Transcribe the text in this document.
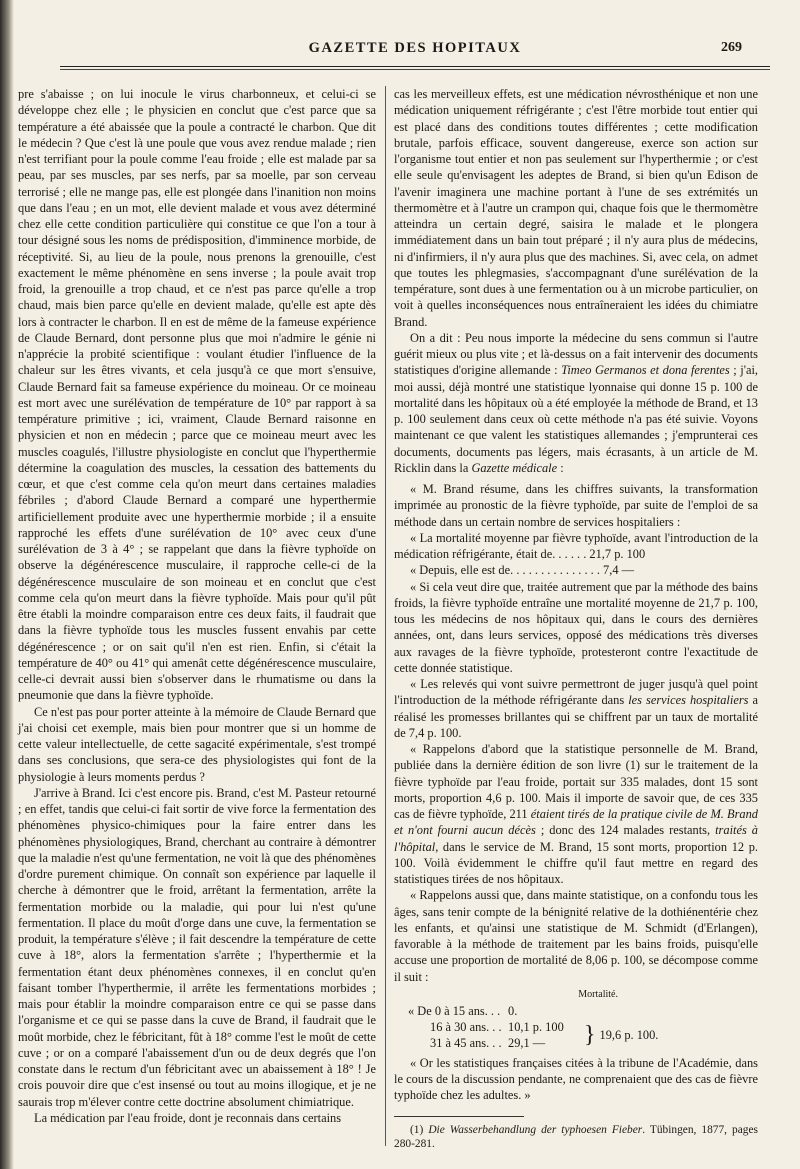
GAZETTE DES HOPITAUX	269

pre s'abaisse ; on lui inocule le virus charbonneux, et celui-ci se développe chez elle ; le physicien en conclut que c'est parce que sa température a été abaissée que la poule a contracté le charbon. Que dit le médecin ? Que c'est là une poule que vous avez rendue malade ; rien n'est terrifiant pour la poule comme l'eau froide ; elle est malade par sa peau, par ses muscles, par ses nerfs, par sa moelle, par son cerveau terrorisé ; elle ne mange pas, elle est plongée dans l'inanition non moins que dans l'eau ; en un mot, elle devient malade et vous avez déterminé chez elle cette condition particulière qui constitue ce que l'on a tour à tour désigné sous les noms de prédisposition, d'imminence morbide, de réceptivité. Si, au lieu de la poule, nous prenons la grenouille, c'est exactement le même phénomène en sens inverse ; la poule avait trop froid, la grenouille a trop chaud, et ce n'est pas parce qu'elle a trop chaud, mais bien parce qu'elle en devient malade, qu'elle est apte dès lors à contracter le charbon. Il en est de même de la fameuse expérience de Claude Bernard, dont personne plus que moi n'admire le génie ni n'apprécie la probité scientifique : voulant étudier l'influence de la chaleur sur les êtres vivants, et cela jusqu'à ce que mort s'ensuive, Claude Bernard fait sa fameuse expérience du moineau. Or ce moineau est mort avec une surélévation de température de 10° par rapport à sa température primitive ; ici, vraiment, Claude Bernard raisonne en physicien et non en médecin ; parce que ce moineau meurt avec les muscles coagulés, l'illustre physiologiste en conclut que l'hyperthermie détermine la coagulation des muscles, la cessation des battements du cœur, et que c'est comme cela qu'on meurt dans certaines maladies fébriles ; d'abord Claude Bernard a comparé une hyperthermie artificiellement produite avec une hyperthermie morbide ; il a ensuite rapproché les effets d'une surélévation de 10° avec ceux d'une surélévation de 3 à 4° ; se rappelant que dans la fièvre typhoïde on observe la dégénérescence musculaire, il rapproche celle-ci de la dégénérescence musculaire de son moineau et en conclut que c'est comme cela qu'on meurt dans la fièvre typhoïde. Mais pour qu'il pût être établi la moindre comparaison entre ces deux faits, il faudrait que dans la fièvre typhoïde tous les muscles fussent envahis par cette dégénérescence ; or on sait qu'il n'en est rien. Enfin, si c'était la température de 40° ou 41° qui amenât cette dégénérescence musculaire, celle-ci devrait aussi bien s'observer dans le rhumatisme ou dans la pneumonie que dans la fièvre typhoïde.

Ce n'est pas pour porter atteinte à la mémoire de Claude Bernard que j'ai choisi cet exemple, mais bien pour montrer que si un homme de cette valeur intellectuelle, de cette sagacité expérimentale, s'est trompé dans ses conclusions, que sera-ce des physiologistes qui font de la physiologie à leurs moments perdus ?

J'arrive à Brand. Ici c'est encore pis. Brand, c'est M. Pasteur retourné ; en effet, tandis que celui-ci fait sortir de vive force la fermentation des phénomènes physico-chimiques pour la faire entrer dans les phénomènes physiologiques, Brand, cherchant au contraire à démontrer que la maladie n'est qu'une fermentation, ne voit là que des phénomènes d'ordre purement chimique. On connaît son expérience par laquelle il cherche à démontrer que le froid, arrêtant la fermentation, arrête la fermentation morbide ou la maladie, qui pour lui n'est qu'une fermentation. Il place du moût d'orge dans une cuve, la fermentation se produit, la température s'élève ; il fait descendre la température de cette cuve à 18°, alors la fermentation s'arrête ; l'hyperthermie et la fermentation étant deux phénomènes connexes, il en conclut qu'en faisant tomber l'hyperthermie, il arrête les fermentations morbides ; mais pour établir la moindre comparaison entre ce qui se passe dans l'organisme et ce qui se passe dans la cuve de Brand, il faudrait que le moût morbide, chez le fébricitant, fût à 18° comme l'est le moût de cette cuve ; or on a comparé l'abaissement d'un ou de deux degrés que l'on constate dans le rectum d'un fébricitant avec un abaissement à 18° ! Je crois pouvoir dire que c'est insensé ou tout au moins illogique, et je ne saurais trop m'élever contre cette doctrine absolument chimiatrique.

La médication par l'eau froide, dont je reconnais dans certains

cas les merveilleux effets, est une médication névrosthénique et non une médication uniquement réfrigérante ; c'est l'être morbide tout entier qui est placé dans des conditions toutes différentes ; cette modification brutale, parfois efficace, souvent dangereuse, exerce son action sur l'organisme tout entier et non pas seulement sur l'hyperthermie ; or c'est elle seule qu'envisagent les adeptes de Brand, si bien qu'un Edison de l'avenir imaginera une machine portant à l'une de ses extrémités un thermomètre et à l'autre un crampon qui, chaque fois que le thermomètre atteindra un certain degré, saisira le malade et le plongera immédiatement dans un bain tout préparé ; il n'y aura plus de médecins, ni d'infirmiers, il n'y aura plus que des machines. Si, avec cela, on admet que toutes les phlegmasies, s'accompagnant d'une surélévation de la température, sont dues à une fermentation ou à un microbe particulier, on voit à quelles inconséquences nous entraîneraient les idées du chimiatre Brand.

On a dit : Peu nous importe la médecine du sens commun si l'autre guérit mieux ou plus vite ; et là-dessus on a fait intervenir des documents statistiques d'origine allemande : Timeo Germanos et dona ferentes ; j'ai, moi aussi, déjà montré une statistique lyonnaise qui donne 15 p. 100 de mortalité dans les hôpitaux où a été employée la méthode de Brand, et 13 p. 100 seulement dans ceux où cette méthode n'a pas été suivie. Voyons maintenant ce que valent les statistiques allemandes ; j'emprunterai ces documents, documents pas légers, mais écrasants, à un article de M. Ricklin dans la Gazette médicale :

« M. Brand résume, dans les chiffres suivants, la transformation imprimée au pronostic de la fièvre typhoïde, par suite de l'emploi de sa méthode dans un certain nombre de services hospitaliers :

« La mortalité moyenne par fièvre typhoïde, avant l'introduction de la médication réfrigérante, était de. . . . . . 21,7 p. 100

« Depuis, elle est de. . . . . . . . . . . . . . . 7,4 —

« Si cela veut dire que, traitée autrement que par la méthode des bains froids, la fièvre typhoïde entraîne une mortalité moyenne de 21,7 p. 100, tous les médecins de nos hôpitaux qui, dans le cours des dernières années, ont, dans leurs services, opposé des médications très diverses aux ravages de la fièvre typhoïde, protesteront contre l'exactitude de cette donnée statistique.

« Les relevés qui vont suivre permettront de juger jusqu'à quel point l'introduction de la méthode réfrigérante dans les services hospitaliers a réalisé les promesses brillantes qui se chiffrent par un taux de mortalité de 7,4 p. 100.

« Rappelons d'abord que la statistique personnelle de M. Brand, publiée dans la dernière édition de son livre (1) sur le traitement de la fièvre typhoïde par l'eau froide, portait sur 335 malades, dont 15 sont morts, proportion 4,6 p. 100. Mais il importe de savoir que, de ces 335 cas de fièvre typhoïde, 211 étaient tirés de la pratique civile de M. Brand et n'ont fourni aucun décès ; donc des 124 malades restants, traités à l'hôpital, dans le service de M. Brand, 15 sont morts, proportion 12 p. 100. Voilà évidemment le chiffre qu'il faut mettre en regard des statistiques tirées de nos hôpitaux.

« Rappelons aussi que, dans mainte statistique, on a confondu tous les âges, sans tenir compte de la bénignité relative de la dothiénentérie chez les enfants, et qu'ainsi une statistique de M. Schmidt (d'Erlangen), favorable à la méthode de traitement par les bains froids, puisqu'elle accuse une proportion de mortalité de 8,06 p. 100, se décompose comme il suit :

Mortalité.
« De 0 à 15 ans. . . 0.
16 à 30 ans. . . 10,1 p. 100
31 à 45 ans. . . 29,1 —	} 19,6 p. 100.

« Or les statistiques françaises citées à la tribune de l'Académie, dans le cours de la discussion pendante, ne comprenaient que des cas de fièvre typhoïde chez les adultes. »

(1) Die Wasserbehandlung der typhoesen Fieber. Tübingen, 1877, pages 280-281.
